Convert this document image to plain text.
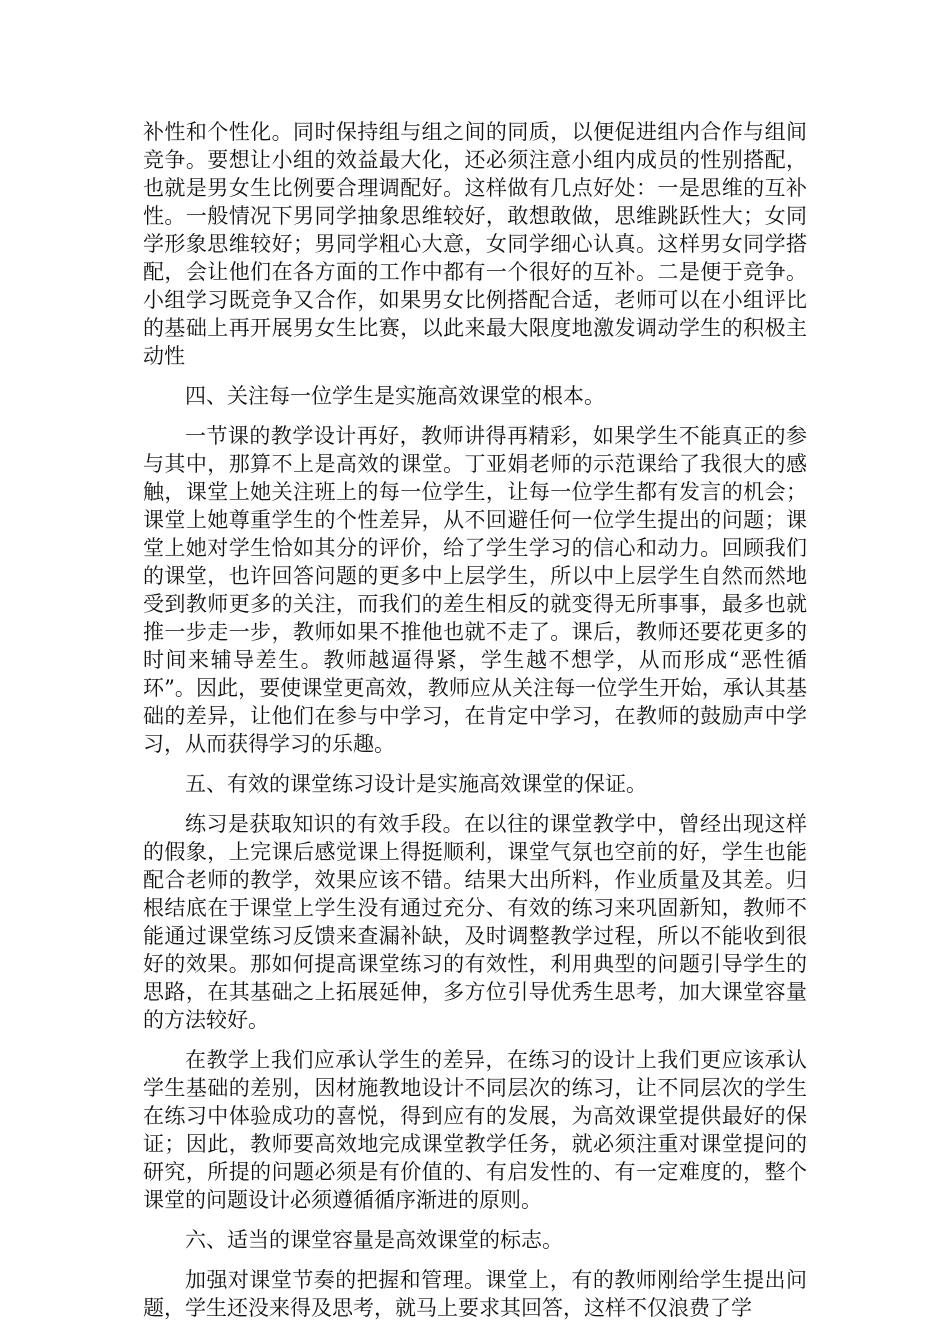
补性和个性化。同时保持组与组之间的同质，以便促进组内合作与组间竞争。要想让小组的效益最大化，还必须注意小组内成员的性别搭配，也就是男女生比例要合理调配好。这样做有几点好处：一是思维的互补性。一般情况下男同学抽象思维较好，敢想敢做，思维跳跃性大；女同学形象思维较好；男同学粗心大意，女同学细心认真。这样男女同学搭配，会让他们在各方面的工作中都有一个很好的互补。二是便于竞争。小组学习既竞争又合作，如果男女比例搭配合适，老师可以在小组评比的基础上再开展男女生比赛，以此来最大限度地激发调动学生的积极主动性

四、关注每一位学生是实施高效课堂的根本。

一节课的教学设计再好，教师讲得再精彩，如果学生不能真正的参与其中，那算不上是高效的课堂。丁亚娟老师的示范课给了我很大的感触，课堂上她关注班上的每一位学生，让每一位学生都有发言的机会；课堂上她尊重学生的个性差异，从不回避任何一位学生提出的问题；课堂上她对学生恰如其分的评价，给了学生学习的信心和动力。回顾我们的课堂，也许回答问题的更多中上层学生，所以中上层学生自然而然地受到教师更多的关注，而我们的差生相反的就变得无所事事，最多也就推一步走一步，教师如果不推他也就不走了。课后，教师还要花更多的时间来辅导差生。教师越逼得紧，学生越不想学，从而形成“恶性循环”。因此，要使课堂更高效，教师应从关注每一位学生开始，承认其基础的差异，让他们在参与中学习，在肯定中学习，在教师的鼓励声中学习，从而获得学习的乐趣。

五、有效的课堂练习设计是实施高效课堂的保证。

练习是获取知识的有效手段。在以往的课堂教学中，曾经出现这样的假象，上完课后感觉课上得挺顺利，课堂气氛也空前的好，学生也能配合老师的教学，效果应该不错。结果大出所料，作业质量及其差。归根结底在于课堂上学生没有通过充分、有效的练习来巩固新知，教师不能通过课堂练习反馈来查漏补缺，及时调整教学过程，所以不能收到很好的效果。那如何提高课堂练习的有效性，利用典型的问题引导学生的思路，在其基础之上拓展延伸，多方位引导优秀生思考，加大课堂容量的方法较好。

在教学上我们应承认学生的差异，在练习的设计上我们更应该承认学生基础的差别，因材施教地设计不同层次的练习，让不同层次的学生在练习中体验成功的喜悦，得到应有的发展，为高效课堂提供最好的保证；因此，教师要高效地完成课堂教学任务，就必须注重对课堂提问的研究，所提的问题必须是有价值的、有启发性的、有一定难度的，整个课堂的问题设计必须遵循循序渐进的原则。

六、适当的课堂容量是高效课堂的标志。

加强对课堂节奏的把握和管理。课堂上，有的教师刚给学生提出问题，学生还没来得及思考，就马上要求其回答，这样不仅浪费了学
